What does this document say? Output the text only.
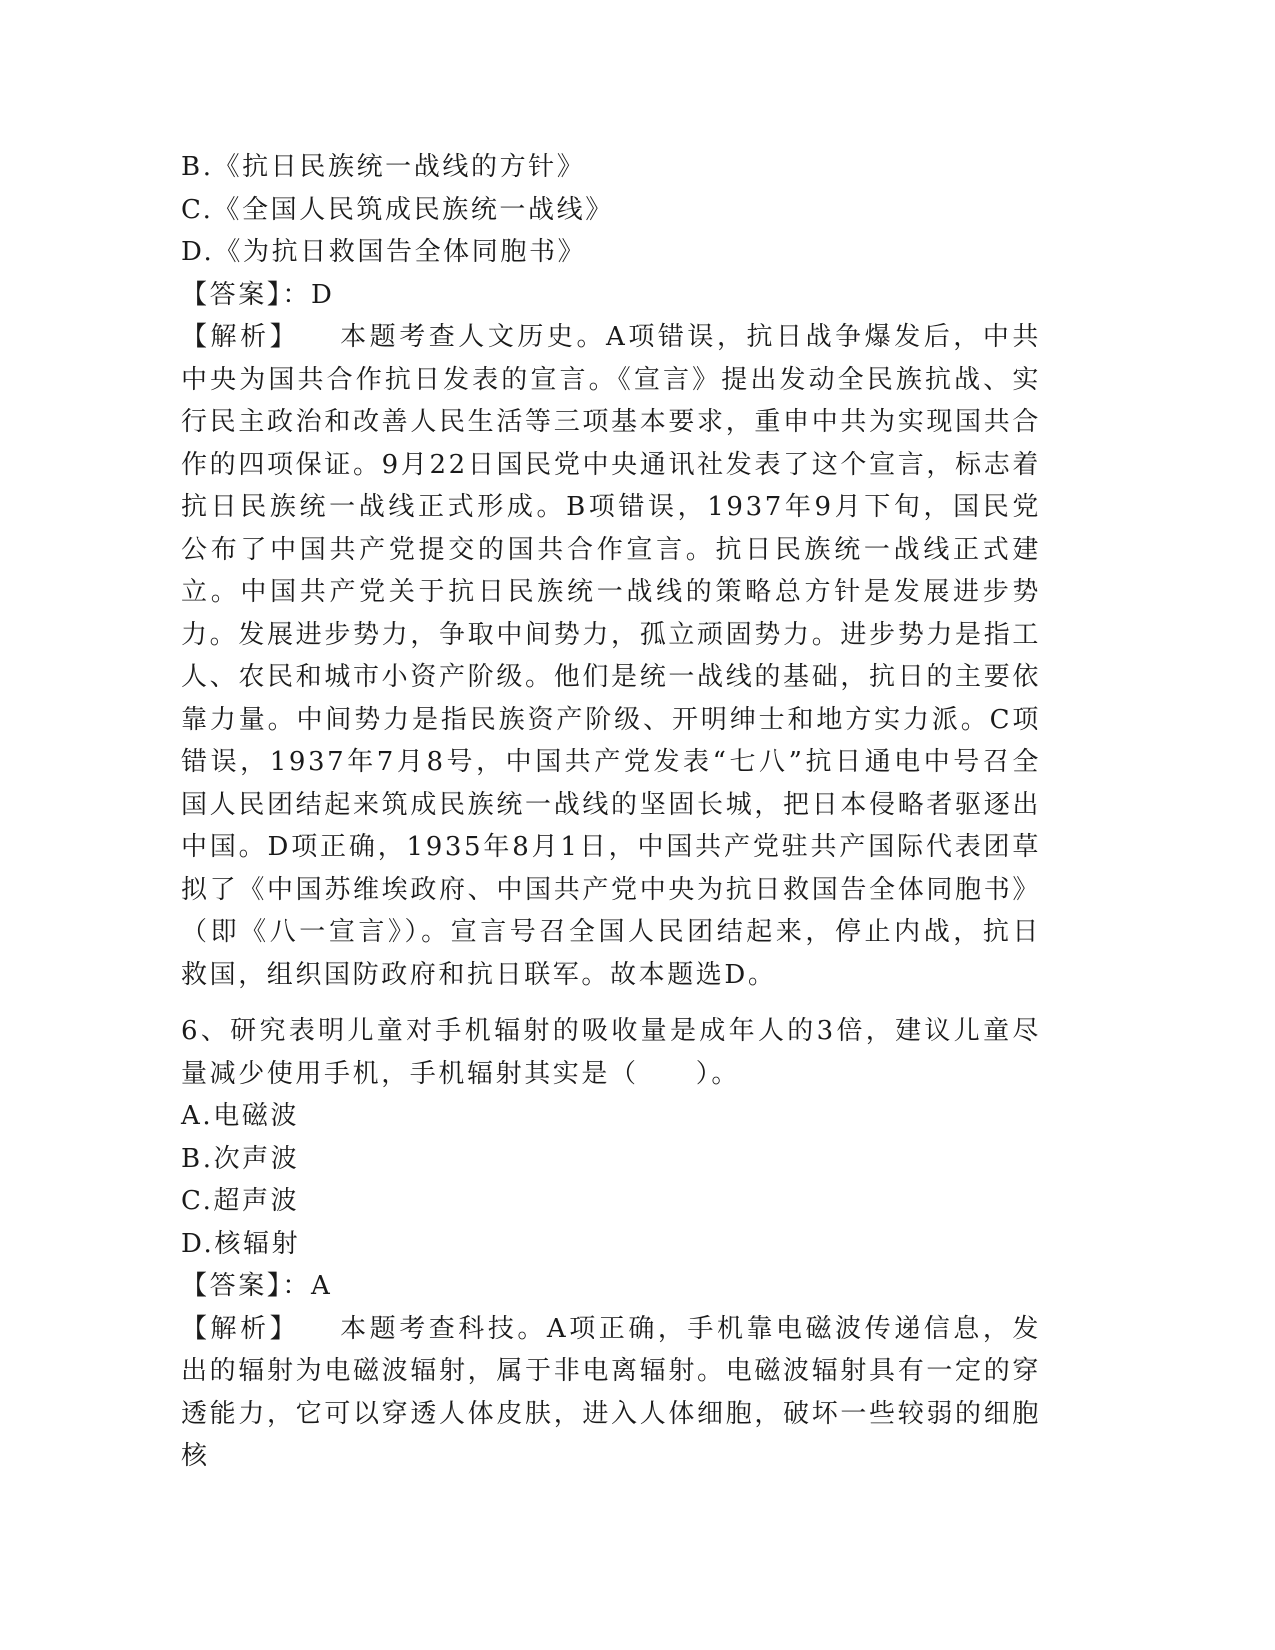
B.《抗日民族统一战线的方针》

C.《全国人民筑成民族统一战线》

D.《为抗日救国告全体同胞书》

【答案】：D

【解析】 本题考查人文历史。A项错误，抗日战争爆发后，中共中央为国共合作抗日发表的宣言。《宣言》提出发动全民族抗战、实行民主政治和改善人民生活等三项基本要求，重申中共为实现国共合作的四项保证。9月22日国民党中央通讯社发表了这个宣言，标志着抗日民族统一战线正式形成。B项错误，1937年9月下旬，国民党公布了中国共产党提交的国共合作宣言。抗日民族统一战线正式建立。中国共产党关于抗日民族统一战线的策略总方针是发展进步势力。发展进步势力，争取中间势力，孤立顽固势力。进步势力是指工人、农民和城市小资产阶级。他们是统一战线的基础，抗日的主要依靠力量。中间势力是指民族资产阶级、开明绅士和地方实力派。C项错误，1937年7月8号，中国共产党发表“七八”抗日通电中号召全国人民团结起来筑成民族统一战线的坚固长城，把日本侵略者驱逐出中国。D项正确，1935年8月1日，中国共产党驻共产国际代表团草拟了《中国苏维埃政府、中国共产党中央为抗日救国告全体同胞书》（即《八一宣言》）。宣言号召全国人民团结起来，停止内战，抗日救国，组织国防政府和抗日联军。故本题选D。

6、研究表明儿童对手机辐射的吸收量是成年人的3倍，建议儿童尽量减少使用手机，手机辐射其实是（　　）。

A.电磁波

B.次声波

C.超声波

D.核辐射

【答案】：A

【解析】 本题考查科技。A项正确，手机靠电磁波传递信息，发出的辐射为电磁波辐射，属于非电离辐射。电磁波辐射具有一定的穿透能力，它可以穿透人体皮肤，进入人体细胞，破坏一些较弱的细胞核
